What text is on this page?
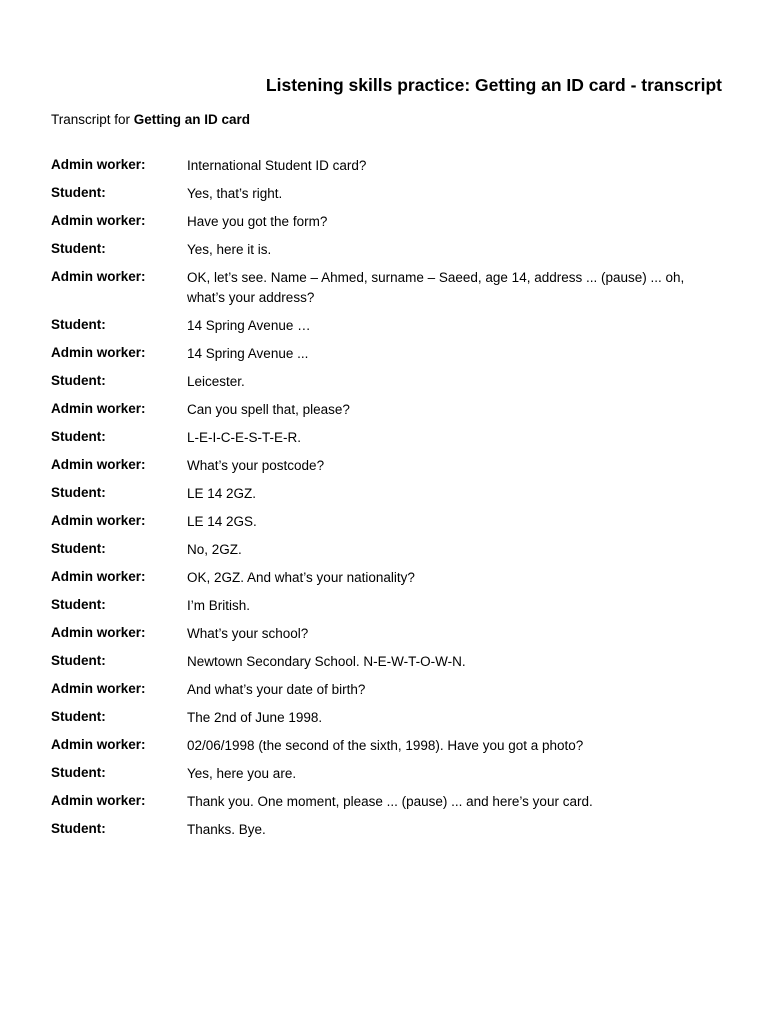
Listening skills practice: Getting an ID card - transcript
Transcript for Getting an ID card
Admin worker:	International Student ID card?
Student:	Yes, that’s right.
Admin worker:	Have you got the form?
Student:	Yes, here it is.
Admin worker:	OK, let’s see. Name – Ahmed, surname – Saeed, age 14, address ... (pause) ... oh, what’s your address?
Student:	14 Spring Avenue …
Admin worker:	14 Spring Avenue ...
Student:	Leicester.
Admin worker:	Can you spell that, please?
Student:	L-E-I-C-E-S-T-E-R.
Admin worker:	What’s your postcode?
Student:	LE 14 2GZ.
Admin worker:	LE 14 2GS.
Student:	No, 2GZ.
Admin worker:	OK, 2GZ. And what’s your nationality?
Student:	I’m British.
Admin worker:	What’s your school?
Student:	Newtown Secondary School. N-E-W-T-O-W-N.
Admin worker:	And what’s your date of birth?
Student:	The 2nd of June 1998.
Admin worker:	02/06/1998 (the second of the sixth, 1998). Have you got a photo?
Student:	Yes, here you are.
Admin worker:	Thank you. One moment, please ... (pause) ... and here’s your card.
Student:	Thanks. Bye.
